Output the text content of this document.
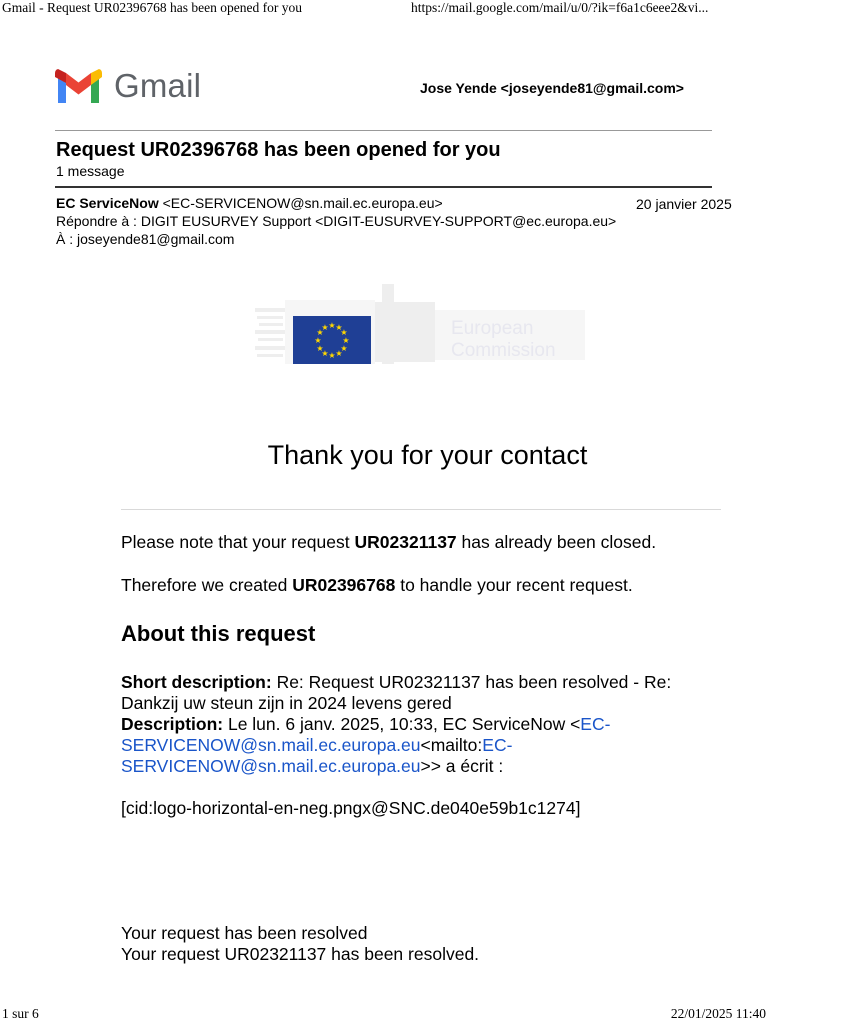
Gmail - Request UR02396768 has been opened for you	https://mail.google.com/mail/u/0/?ik=f6a1c6eee2&vi...
Gmail	Jose Yende <joseyende81@gmail.com>
Request UR02396768 has been opened for you
1 message
EC ServiceNow <EC-SERVICENOW@sn.mail.ec.europa.eu>	20 janvier 2025
Répondre à : DIGIT EUSURVEY Support <DIGIT-EUSURVEY-SUPPORT@ec.europa.eu>
À : joseyende81@gmail.com
★ ★
★
★
★
★
★
★
★
★
★
★	European
Commission
Thank you for your contact
Please note that your request UR02321137 has already been closed.
Therefore we created UR02396768 to handle your recent request.
About this request
Short description: Re: Request UR02321137 has been resolved - Re: Dankzij uw steun zijn in 2024 levens gered
Description: Le lun. 6 janv. 2025, 10:33, EC ServiceNow <EC-SERVICENOW@sn.mail.ec.europa.eu<mailto:EC-SERVICENOW@sn.mail.ec.europa.eu>> a écrit :
[cid:logo-horizontal-en-neg.pngx@SNC.de040e59b1c1274]
Your request has been resolved
Your request UR02321137 has been resolved.
1 sur 6	22/01/2025 11:40
